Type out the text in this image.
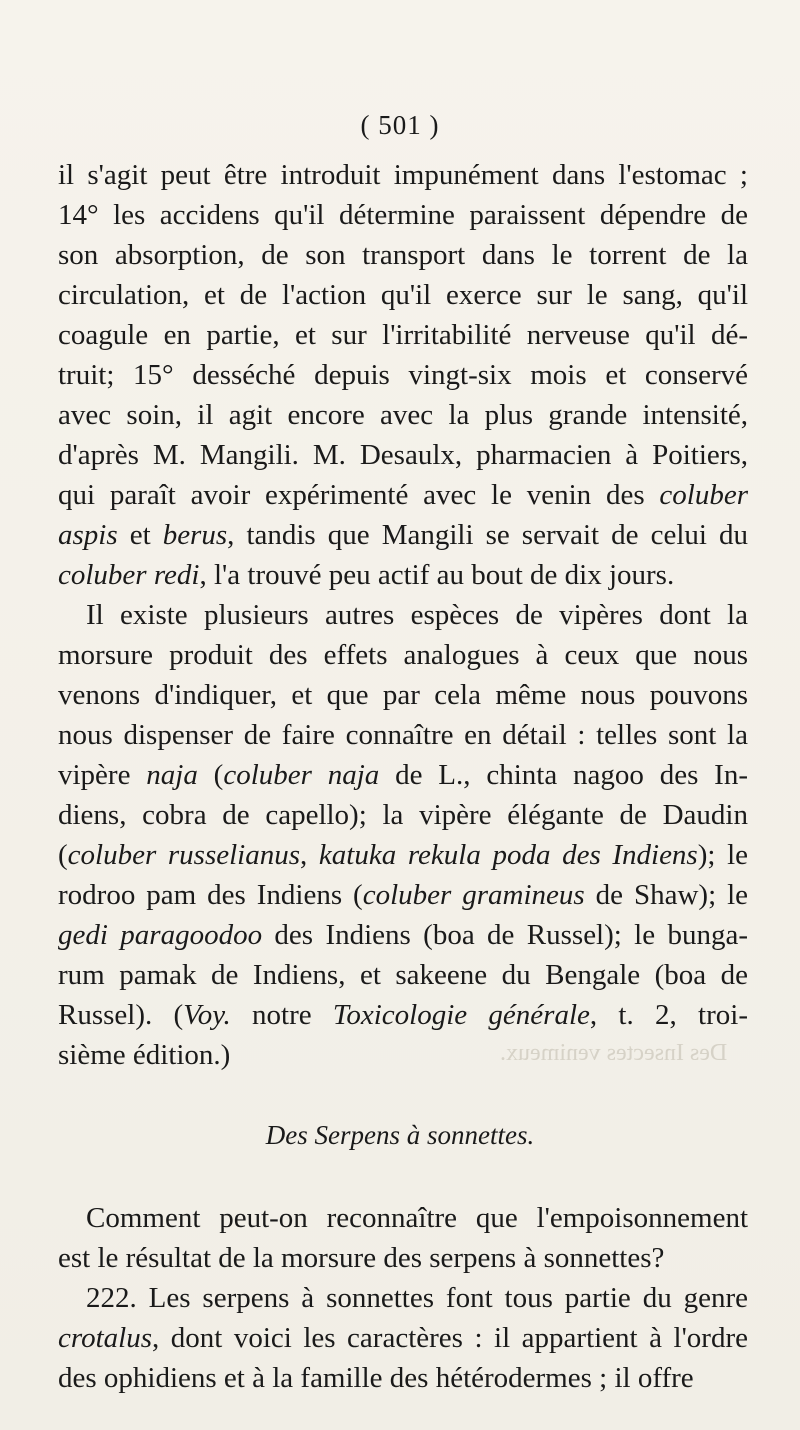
Des Insectes venimeux.
( 501 )
il s'agit peut être introduit impunément dans l'estomac ;
14° les accidens qu'il détermine paraissent dépendre de
son absorption, de son transport dans le torrent de la
circulation, et de l'action qu'il exerce sur le sang, qu'il
coagule en partie, et sur l'irritabilité nerveuse qu'il dé-
truit; 15° desséché depuis vingt-six mois et conservé
avec soin, il agit encore avec la plus grande intensité,
d'après M. Mangili. M. Desaulx, pharmacien à Poitiers,
qui paraît avoir expérimenté avec le venin des coluber
aspis et berus, tandis que Mangili se servait de celui du
coluber redi, l'a trouvé peu actif au bout de dix jours.
Il existe plusieurs autres espèces de vipères dont la
morsure produit des effets analogues à ceux que nous
venons d'indiquer, et que par cela même nous pouvons
nous dispenser de faire connaître en détail : telles sont la
vipère naja (coluber naja de L., chinta nagoo des In-
diens, cobra de capello); la vipère élégante de Daudin
(coluber russelianus, katuka rekula poda des Indiens); le
rodroo pam des Indiens (coluber gramineus de Shaw); le
gedi paragoodoo des Indiens (boa de Russel); le bunga-
rum pamak de Indiens, et sakeene du Bengale (boa de
Russel). (Voy. notre Toxicologie générale, t. 2, troi-
sième édition.)
Des Serpens à sonnettes.
Comment peut-on reconnaître que l'empoisonnement
est le résultat de la morsure des serpens à sonnettes?
222. Les serpens à sonnettes font tous partie du genre
crotalus, dont voici les caractères : il appartient à l'ordre
des ophidiens et à la famille des hétérodermes ; il offre
